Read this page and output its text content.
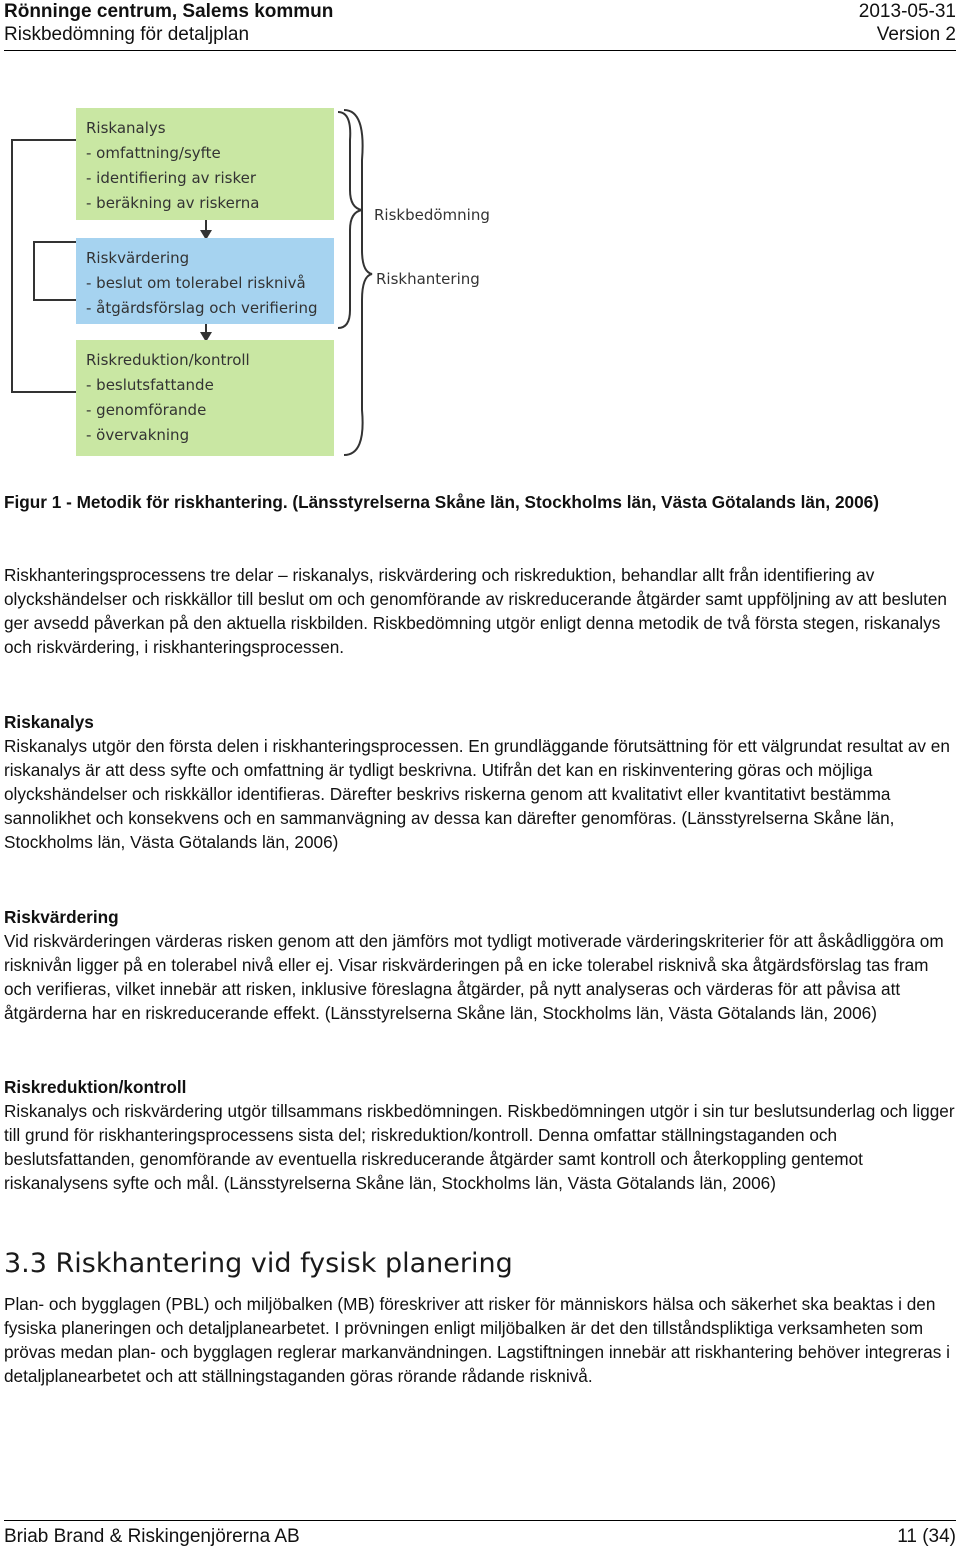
Rönninge centrum, Salems kommun	2013-05-31
Riskbedömning för detaljplan	Version 2
Riskanalys
- omfattning/syfte
- identifiering av risker
- beräkning av riskerna
Riskvärdering
- beslut om tolerabel risknivå
- åtgärdsförslag och verifiering
Riskreduktion/kontroll
- beslutsfattande
- genomförande
- övervakning
Riskbedömning
Riskhantering
Figur 1 - Metodik för riskhantering. (Länsstyrelserna Skåne län, Stockholms län, Västa Götalands län, 2006)

Riskhanteringsprocessens tre delar – riskanalys, riskvärdering och riskreduktion, behandlar allt från identifiering av olyckshändelser och riskkällor till beslut om och genomförande av riskreducerande åtgärder samt uppföljning av att besluten ger avsedd påverkan på den aktuella riskbilden. Riskbedömning utgör enligt denna metodik de två första stegen, riskanalys och riskvärdering, i riskhanteringsprocessen.

Riskanalys

Riskanalys utgör den första delen i riskhanteringsprocessen. En grundläggande förutsättning för ett välgrundat resultat av en riskanalys är att dess syfte och omfattning är tydligt beskrivna. Utifrån det kan en riskinventering göras och möjliga olyckshändelser och riskkällor identifieras. Därefter beskrivs riskerna genom att kvalitativt eller kvantitativt bestämma sannolikhet och konsekvens och en sammanvägning av dessa kan därefter genomföras. (Länsstyrelserna Skåne län, Stockholms län, Västa Götalands län, 2006)

Riskvärdering

Vid riskvärderingen värderas risken genom att den jämförs mot tydligt motiverade värderingskriterier för att åskådliggöra om risknivån ligger på en tolerabel nivå eller ej. Visar riskvärderingen på en icke tolerabel risknivå ska åtgärdsförslag tas fram och verifieras, vilket innebär att risken, inklusive föreslagna åtgärder, på nytt analyseras och värderas för att påvisa att åtgärderna har en riskreducerande effekt. (Länsstyrelserna Skåne län, Stockholms län, Västa Götalands län, 2006)

Riskreduktion/kontroll

Riskanalys och riskvärdering utgör tillsammans riskbedömningen. Riskbedömningen utgör i sin tur beslutsunderlag och ligger till grund för riskhanteringsprocessens sista del; riskreduktion/kontroll. Denna omfattar ställningstaganden och beslutsfattanden, genomförande av eventuella riskreducerande åtgärder samt kontroll och återkoppling gentemot riskanalysens syfte och mål. (Länsstyrelserna Skåne län, Stockholms län, Västa Götalands län, 2006)

3.3 Riskhantering vid fysisk planering

Plan- och bygglagen (PBL) och miljöbalken (MB) föreskriver att risker för människors hälsa och säkerhet ska beaktas i den fysiska planeringen och detaljplanearbetet. I prövningen enligt miljöbalken är det den tillståndspliktiga verksamheten som prövas medan plan- och bygglagen reglerar markanvändningen. Lagstiftningen innebär att riskhantering behöver integreras i detaljplanearbetet och att ställningstaganden göras rörande rådande risknivå.

Briab Brand & Riskingenjörerna AB	11 (34)
